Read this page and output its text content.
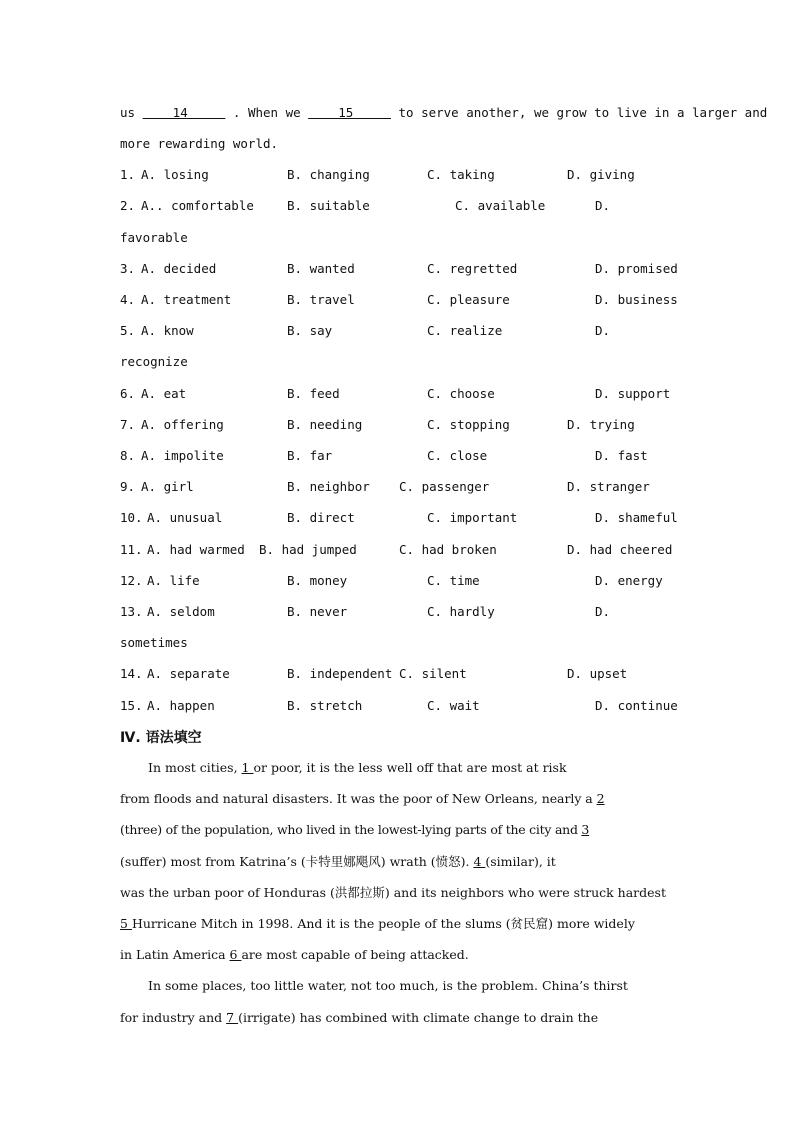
us     14      . When we     15      to serve another, we grow to live in a larger and
more rewarding world.
1. A. losing	B. changing	C. taking	D. giving
2. A.. comfortable	B. suitable	C. available	D.
favorable
3. A. decided	B. wanted	C. regretted	D. promised
4. A. treatment	B. travel	C. pleasure	D. business
5. A. know	B. say	C. realize	D.
recognize
6. A. eat	B. feed	C. choose	D. support
7. A. offering	B. needing	C. stopping	D. trying
8. A. impolite	B. far	C. close	D. fast
9. A. girl	B. neighbor C. passenger	D. stranger
10. A. unusual	B. direct	C. important	D. shameful
11. A. had warmed B. had jumped	C. had broken	D. had cheered
12. A. life	B. money	C. time	D. energy
13. A. seldom	B. never	C. hardly	D.
sometimes
14. A. separate	B. independent C. silent	D. upset
15. A. happen	B. stretch	C. wait	D. continue
Ⅳ. 语法填空
In most cities, 1 or poor, it is the less well off that are most at risk
from floods and natural disasters. It was the poor of New Orleans, nearly a 2
(three) of the population, who lived in the lowest-lying parts of the city and 3
(suffer) most from Katrina’s (卡特里娜飓风) wrath (愤怒). 4 (similar), it
was the urban poor of Honduras (洪都拉斯) and its neighbors who were struck hardest
5 Hurricane Mitch in 1998. And it is the people of the slums (贫民窟) more widely
in Latin America 6 are most capable of being attacked.
In some places, too little water, not too much, is the problem. China’s thirst
for industry and 7 (irrigate) has combined with climate change to drain the
